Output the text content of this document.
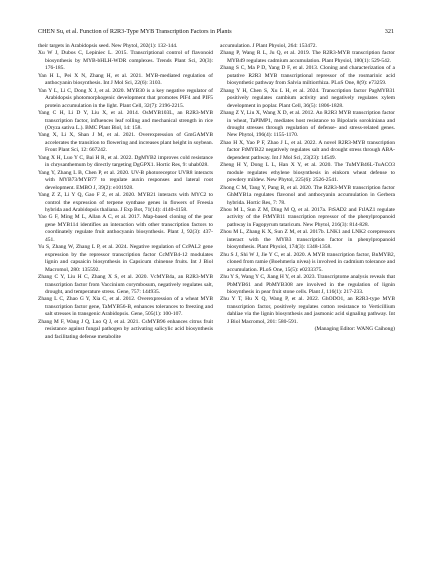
CHEN Su, et al. Function of R2R3-Type MYB Transcription Factors in Plants	321

their targets in Arabidopsis seed. New Phytol, 202(1): 132-144.

Xu W J, Dubos C, Lepiniec L. 2015. Transcriptional control of flavonoid biosynthesis by MYB-bHLH-WDR complexes. Trends Plant Sci, 20(3): 176-185.

Yan H L, Pei X N, Zhang H, et al. 2021. MYB-mediated regulation of anthocyanin biosynthesis. Int J Mol Sci, 22(6): 3103.

Yan Y L, Li C, Dong X J, et al. 2020. MYB30 is a key negative regulator of Arabidopsis photomorphogenic development that promotes PIF4 and PIF5 protein accumulation in the light. Plant Cell, 32(7): 2196-2215.

Yang C H, Li D Y, Liu X, et al. 2014. OsMYB103L, an R2R3-MYB transcription factor, influences leaf rolling and mechanical strength in rice (Oryza sativa L.). BMC Plant Biol, 14: 158.

Yang X, Li X, Shan J M, et al. 2021. Overexpression of GmGAMYB accelerates the transition to flowering and increases plant height in soybean. Front Plant Sci, 12: 667242.

Yang X H, Luo Y C, Bai H R, et al. 2022. DgMYB2 improves cold resistance in chrysanthemum by directly targeting DgGPX1. Hortic Res, 9: uhab028.

Yang Y, Zhang L B, Chen P, et al. 2020. UV-B photoreceptor UVR8 interacts with MYB73/MYB77 to regulate auxin responses and lateral root development. EMBO J, 39(2): e101928.

Yang Z Z, Li Y Q, Gao F Z, et al. 2020. MYB21 interacts with MYC2 to control the expression of terpene synthase genes in flowers of Freesia hybrida and Arabidopsis thaliana. J Exp Bot, 71(14): 4140-4158.

Yao G F, Ming M L, Allan A C, et al. 2017. Map-based cloning of the pear gene MYB114 identifies an interaction with other transcription factors to coordinately regulate fruit anthocyanin biosynthesis. Plant J, 92(3): 437-451.

Yu S, Zhang W, Zhang L P, et al. 2024. Negative regulation of CcPAL2 gene expression by the repressor transcription factor CcMYB4-12 modulates lignin and capsaicin biosynthesis in Capsicum chinense fruits. Int J Biol Macromol, 280: 135592.

Zhang C Y, Liu H C, Zhang X S, et al. 2020. VcMYB4a, an R2R3-MYB transcription factor from Vaccinium corymbosum, negatively regulates salt, drought, and temperature stress. Gene, 757: 144935.

Zhang L C, Zhao G Y, Xia C, et al. 2012. Overexpression of a wheat MYB transcription factor gene, TaMYB56-B, enhances tolerances to freezing and salt stresses in transgenic Arabidopsis. Gene, 505(1): 100-107.

Zhang M F, Wang J Q, Luo Q J, et al. 2021. CsMYB96 enhances citrus fruit resistance against fungal pathogen by activating salicylic acid biosynthesis and facilitating defense metabolite

accumulation. J Plant Physiol, 264: 153472.

Zhang P, Wang R L, Ju Q, et al. 2019. The R2R3-MYB transcription factor MYB49 regulates cadmium accumulation. Plant Physiol, 180(1): 529-542.

Zhang S C, Ma P D, Yang D F, et al. 2013. Cloning and characterization of a putative R2R3 MYB transcriptional repressor of the rosmarinic acid biosynthetic pathway from Salvia miltiorrhiza. PLoS One, 8(9): e73259.

Zhang Y H, Chen S, Xu L H, et al. 2024. Transcription factor PagMYB31 positively regulates cambium activity and negatively regulates xylem development in poplar. Plant Cell, 36(5): 1806-1828.

Zhang Z Y, Liu X, Wang X D, et al. 2012. An R2R3 MYB transcription factor in wheat, TaPIMP1, mediates host resistance to Bipolaris sorokiniana and drought stresses through regulation of defense- and stress-related genes. New Phytol, 196(4): 1155-1170.

Zhao H X, Yao P F, Zhao J L, et al. 2022. A novel R2R3-MYB transcription factor FtMYB22 negatively regulates salt and drought stress through ABA-dependent pathway. Int J Mol Sci, 23(23): 14549.

Zheng H Y, Dong L L, Han X Y, et al. 2020. The TuMYB46L-TuACO3 module regulates ethylene biosynthesis in einkorn wheat defense to powdery mildew. New Phytol, 225(6): 2526-2541.

Zhong C M, Tang Y, Pang B, et al. 2020. The R2R3-MYB transcription factor GhMYB1a regulates flavonol and anthocyanin accumulation in Gerbera hybrida. Hortic Res, 7: 78.

Zhou M L, Sun Z M, Ding M Q, et al. 2017a. FtSAD2 and FtJAZ1 regulate activity of the FtMYB11 transcription repressor of the phenylpropanoid pathway in Fagopyrum tataricum. New Phytol, 216(3): 814-828.

Zhou M L, Zhang K X, Sun Z M, et al. 2017b. LNK1 and LNK2 corepressors interact with the MYB3 transcription factor in phenylpropanoid biosynthesis. Plant Physiol, 174(3): 1348-1358.

Zhu S J, Shi W J, Jie Y C, et al. 2020. A MYB transcription factor, BnMYB2, cloned from ramie (Boehmeria nivea) is involved in cadmium tolerance and accumulation. PLoS One, 15(5): e0233375.

Zhu Y S, Wang Y C, Jiang H Y, et al. 2023. Transcriptome analysis reveals that PbMYB61 and PbMYB308 are involved in the regulation of lignin biosynthesis in pear fruit stone cells. Plant J, 116(1): 217-233.

Zhu Y T, Hu X Q, Wang P, et al. 2022. GhODO1, an R2R3-type MYB transcription factor, positively regulates cotton resistance to Verticillium dahliae via the lignin biosynthesis and jasmonic acid signaling pathway. Int J Biol Macromol, 201: 580-591.

(Managing Editor: WANG Caihong)
